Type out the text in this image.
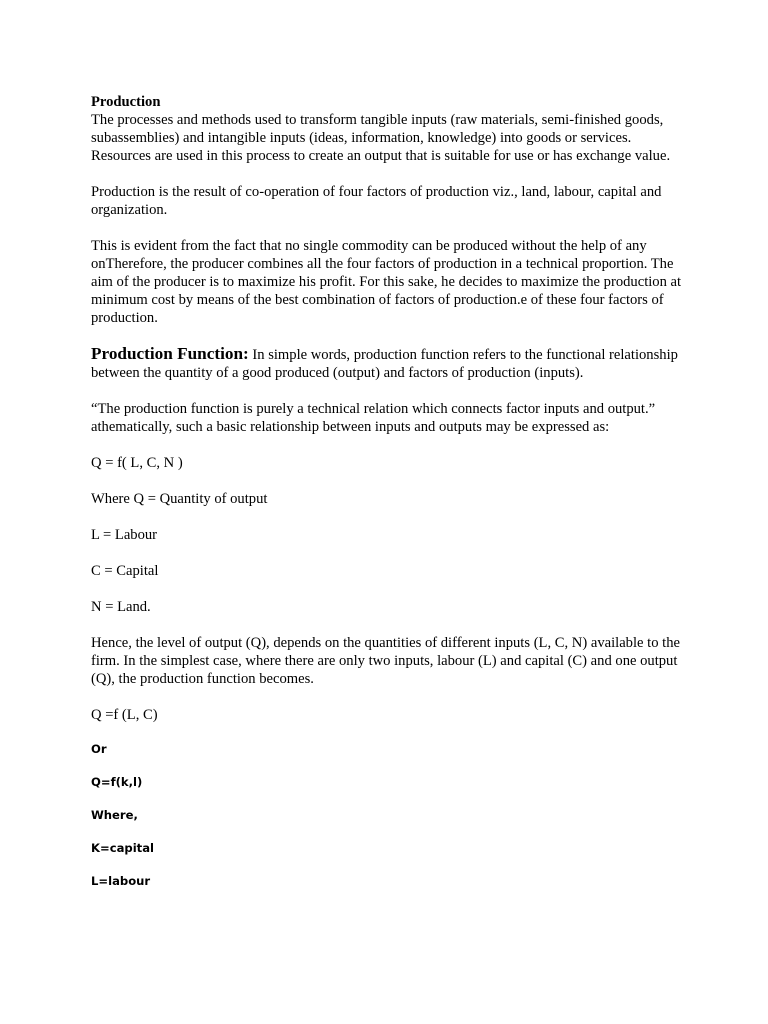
Production
The processes and methods used to transform tangible inputs (raw materials, semi-finished goods, subassemblies) and intangible inputs (ideas, information, knowledge) into goods or services. Resources are used in this process to create an output that is suitable for use or has exchange value.

Production is the result of co-operation of four factors of production viz., land, labour, capital and organization.

This is evident from the fact that no single commodity can be produced without the help of any onTherefore, the producer combines all the four factors of production in a technical proportion. The aim of the producer is to maximize his profit. For this sake, he decides to maximize the production at minimum cost by means of the best combination of factors of production.e of these four factors of production.

Production Function: In simple words, production function refers to the functional relationship between the quantity of a good produced (output) and factors of production (inputs).

“The production function is purely a technical relation which connects factor inputs and output.” athematically, such a basic relationship between inputs and outputs may be expressed as:

Q = f( L, C, N )

Where Q = Quantity of output

L = Labour

C = Capital

N = Land.

Hence, the level of output (Q), depends on the quantities of different inputs (L, C, N) available to the firm. In the simplest case, where there are only two inputs, labour (L) and capital (C) and one output (Q), the production function becomes.

Q =f (L, C)

Or

Q=f(k,l)

Where,

K=capital

L=labour
